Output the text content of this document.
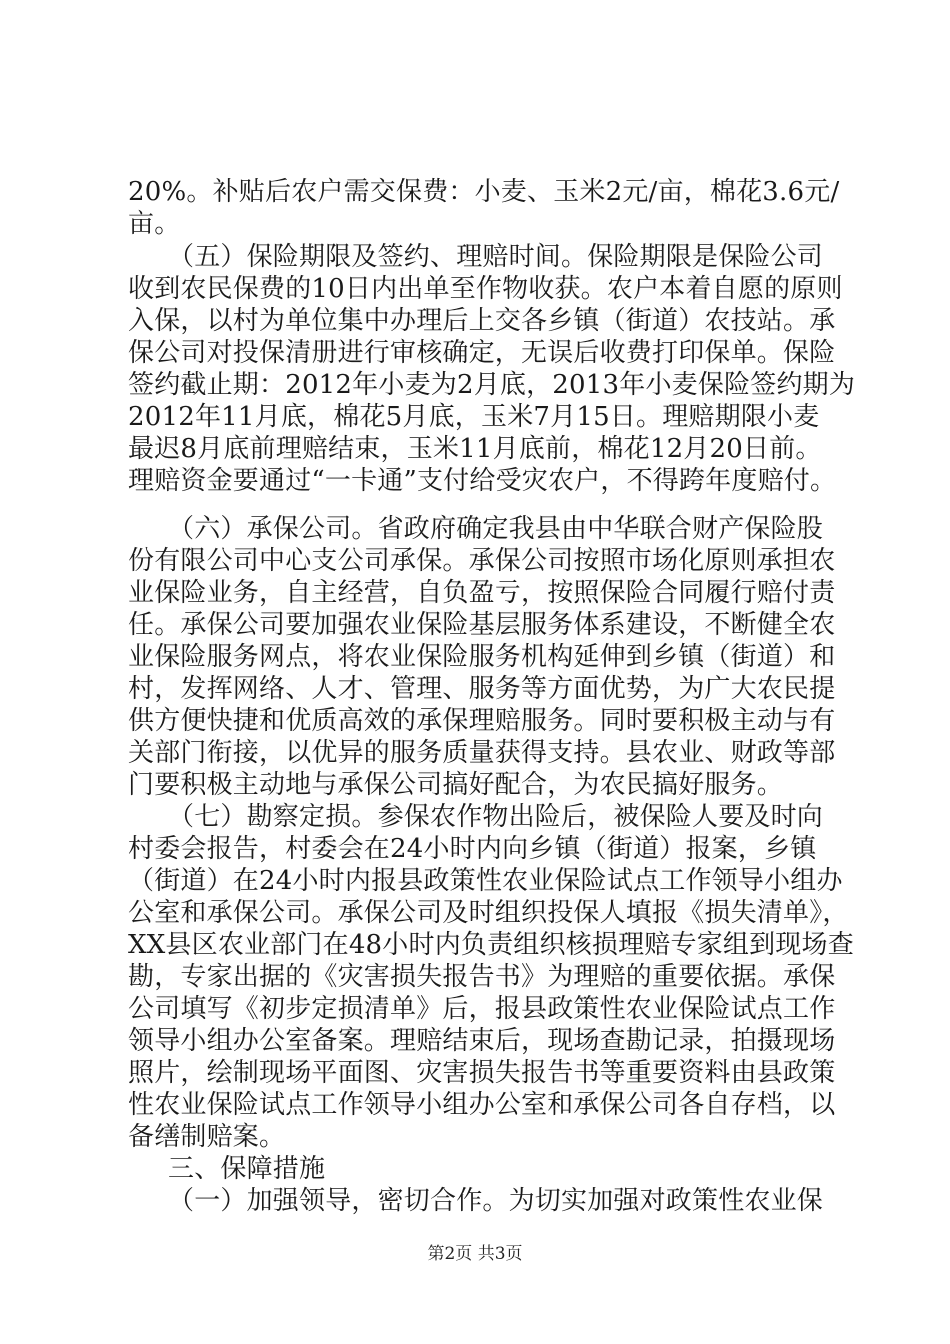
20%。补贴后农户需交保费：小麦、玉米2元/亩，棉花3.6元/
亩。
（五）保险期限及签约、理赔时间。保险期限是保险公司
收到农民保费的10日内出单至作物收获。农户本着自愿的原则
入保，以村为单位集中办理后上交各乡镇（街道）农技站。承
保公司对投保清册进行审核确定，无误后收费打印保单。保险
签约截止期：2012年小麦为2月底，2013年小麦保险签约期为
2012年11月底，棉花5月底，玉米7月15日。理赔期限小麦
最迟8月底前理赔结束，玉米11月底前，棉花12月20日前。
理赔资金要通过“一卡通”支付给受灾农户，不得跨年度赔付。
（六）承保公司。省政府确定我县由中华联合财产保险股
份有限公司中心支公司承保。承保公司按照市场化原则承担农
业保险业务，自主经营，自负盈亏，按照保险合同履行赔付责
任。承保公司要加强农业保险基层服务体系建设，不断健全农
业保险服务网点，将农业保险服务机构延伸到乡镇（街道）和
村，发挥网络、人才、管理、服务等方面优势，为广大农民提
供方便快捷和优质高效的承保理赔服务。同时要积极主动与有
关部门衔接，以优异的服务质量获得支持。县农业、财政等部
门要积极主动地与承保公司搞好配合，为农民搞好服务。
（七）勘察定损。参保农作物出险后，被保险人要及时向
村委会报告，村委会在24小时内向乡镇（街道）报案，乡镇
（街道）在24小时内报县政策性农业保险试点工作领导小组办
公室和承保公司。承保公司及时组织投保人填报《损失清单》，
XX县区农业部门在48小时内负责组织核损理赔专家组到现场查
勘，专家出据的《灾害损失报告书》为理赔的重要依据。承保
公司填写《初步定损清单》后，报县政策性农业保险试点工作
领导小组办公室备案。理赔结束后，现场查勘记录，拍摄现场
照片，绘制现场平面图、灾害损失报告书等重要资料由县政策
性农业保险试点工作领导小组办公室和承保公司各自存档，以
备缮制赔案。
三、保障措施
（一）加强领导，密切合作。为切实加强对政策性农业保
第2页 共3页
